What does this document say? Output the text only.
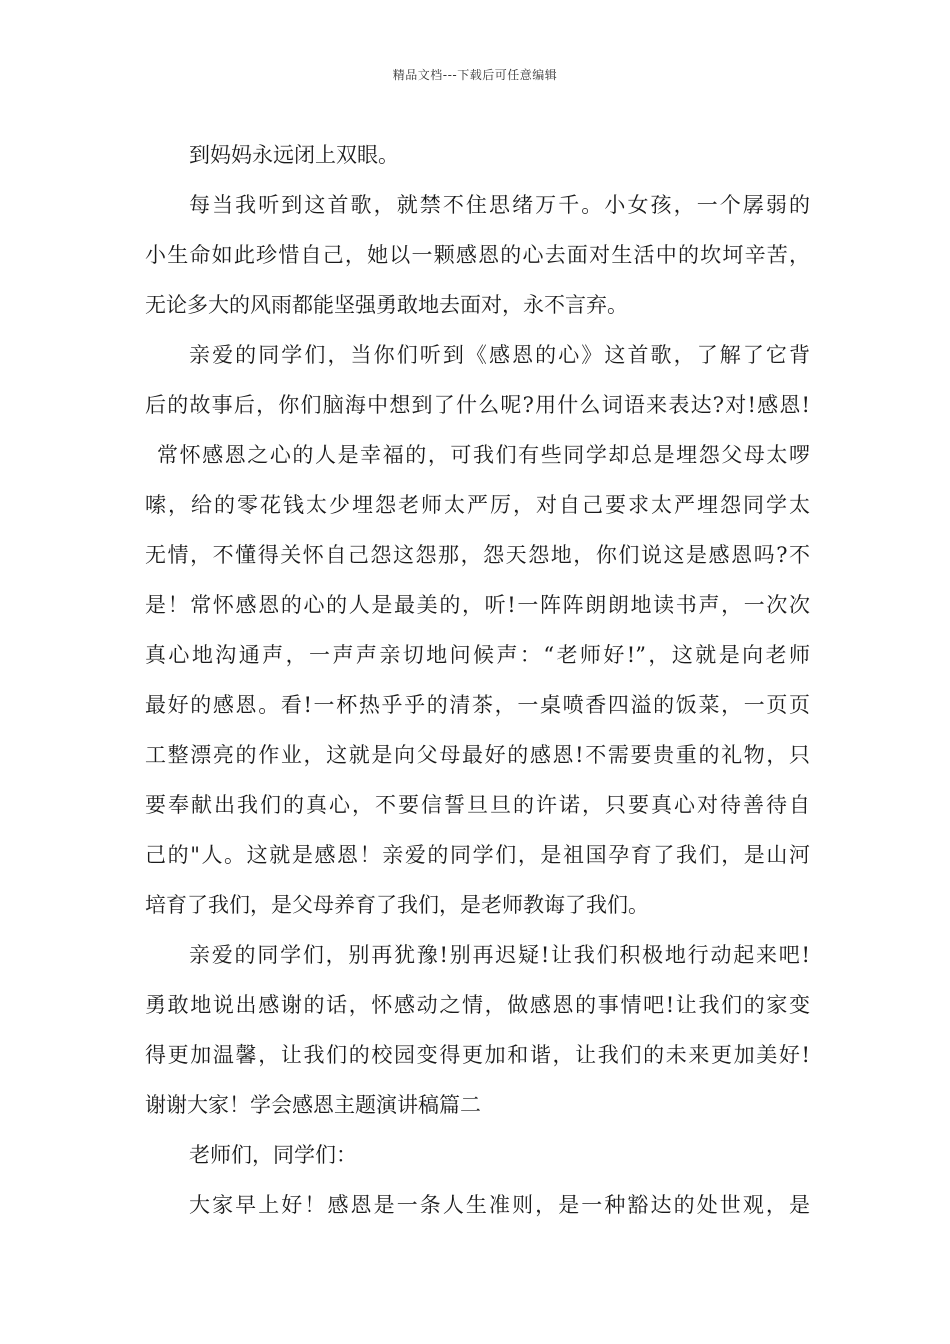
精品文档---下载后可任意编辑
到妈妈永远闭上双眼。
每当我听到这首歌，就禁不住思绪万千。小女孩，一个孱弱的
小生命如此珍惜自己，她以一颗感恩的心去面对生活中的坎坷辛苦，
无论多大的风雨都能坚强勇敢地去面对，永不言弃。
亲爱的同学们，当你们听到《感恩的心》这首歌，了解了它背
后的故事后，你们脑海中想到了什么呢?用什么词语来表达?对!感恩!
常怀感恩之心的人是幸福的，可我们有些同学却总是埋怨父母太啰
嗦，给的零花钱太少埋怨老师太严厉，对自己要求太严埋怨同学太
无情，不懂得关怀自己怨这怨那，怨天怨地，你们说这是感恩吗?不
是！常怀感恩的心的人是最美的，听!一阵阵朗朗地读书声，一次次
真心地沟通声，一声声亲切地问候声：“老师好!”，这就是向老师
最好的感恩。看!一杯热乎乎的清茶，一桌喷香四溢的饭菜，一页页
工整漂亮的作业，这就是向父母最好的感恩!不需要贵重的礼物，只
要奉献出我们的真心，不要信誓旦旦的许诺，只要真心对待善待自
己的"人。这就是感恩！亲爱的同学们，是祖国孕育了我们，是山河
培育了我们，是父母养育了我们，是老师教诲了我们。
亲爱的同学们，别再犹豫!别再迟疑!让我们积极地行动起来吧!
勇敢地说出感谢的话，怀感动之情，做感恩的事情吧!让我们的家变
得更加温馨，让我们的校园变得更加和谐，让我们的未来更加美好!
谢谢大家！学会感恩主题演讲稿篇二
老师们，同学们：
大家早上好！感恩是一条人生准则，是一种豁达的处世观，是
